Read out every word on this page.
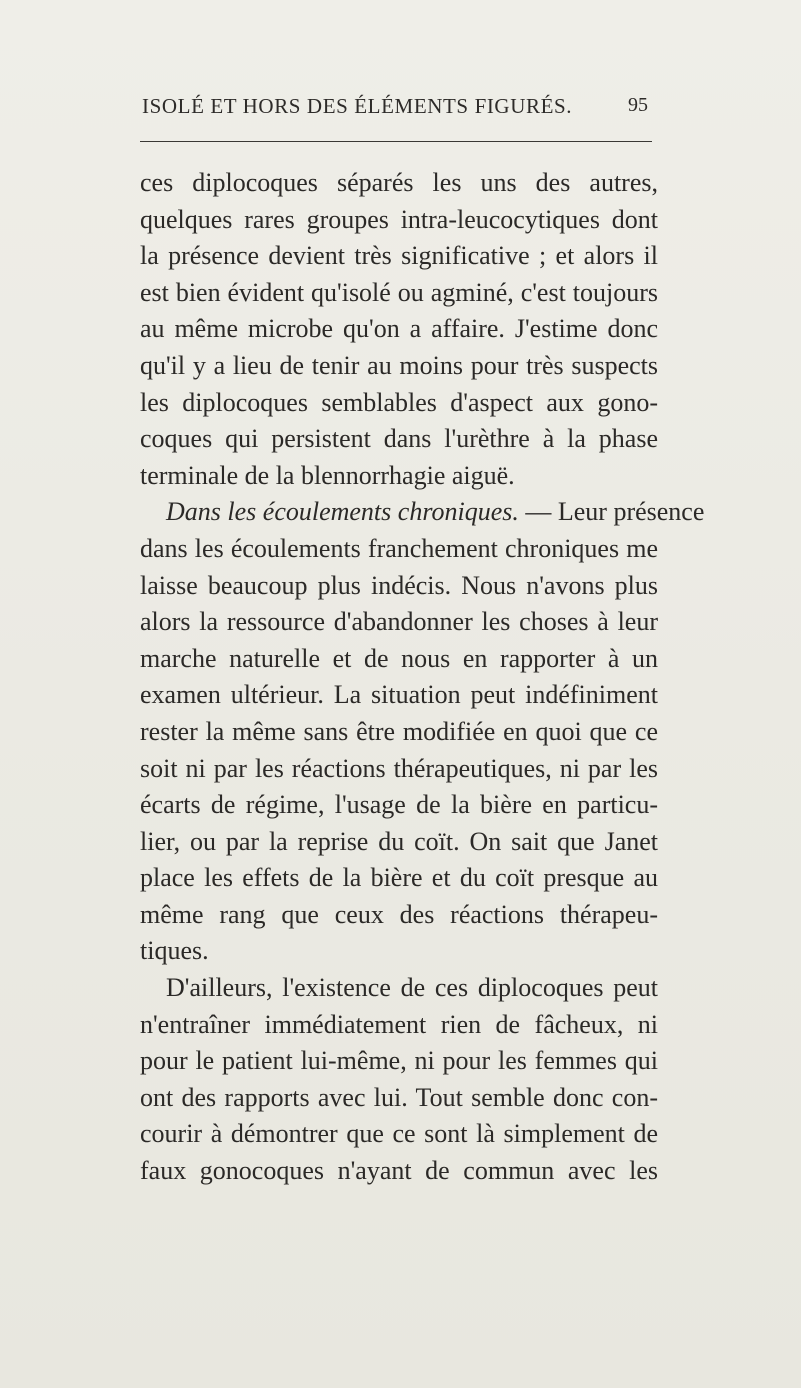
ISOLÉ ET HORS DES ÉLÉMENTS FIGURÉS.	95
ces diplocoques séparés les uns des autres,
quelques rares groupes intra-leucocytiques dont
la présence devient très significative ; et alors il
est bien évident qu'isolé ou agminé, c'est toujours
au même microbe qu'on a affaire. J'estime donc
qu'il y a lieu de tenir au moins pour très suspects
les diplocoques semblables d'aspect aux gono-
coques qui persistent dans l'urèthre à la phase
terminale de la blennorrhagie aiguë.
Dans les écoulements chroniques. — Leur présence
dans les écoulements franchement chroniques me
laisse beaucoup plus indécis. Nous n'avons plus
alors la ressource d'abandonner les choses à leur
marche naturelle et de nous en rapporter à un
examen ultérieur. La situation peut indéfiniment
rester la même sans être modifiée en quoi que ce
soit ni par les réactions thérapeutiques, ni par les
écarts de régime, l'usage de la bière en particu-
lier, ou par la reprise du coït. On sait que Janet
place les effets de la bière et du coït presque au
même rang que ceux des réactions thérapeu-
tiques.
D'ailleurs, l'existence de ces diplocoques peut
n'entraîner immédiatement rien de fâcheux, ni
pour le patient lui-même, ni pour les femmes qui
ont des rapports avec lui. Tout semble donc con-
courir à démontrer que ce sont là simplement de
faux gonocoques n'ayant de commun avec les
